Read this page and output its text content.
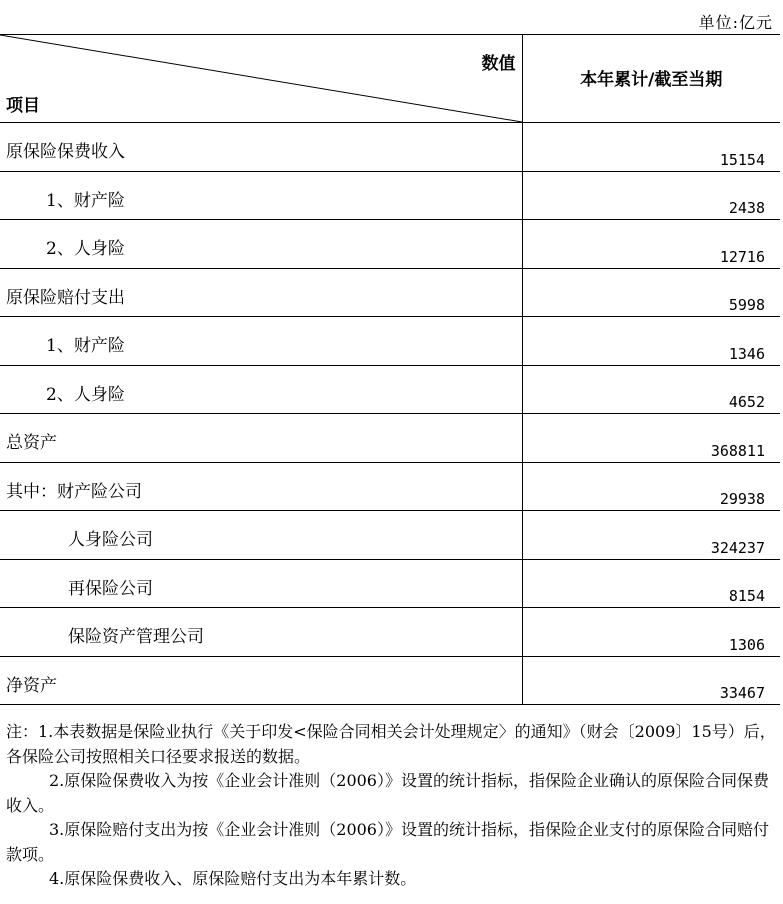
单位:亿元
数值
项目	本年累计/截至当期

原保险保费收入	15154

1、财产险	2438

2、人身险	12716

原保险赔付支出	5998

1、财产险	1346

2、人身险	4652

总资产	368811

其中：财产险公司	29938

人身险公司	324237

再保险公司	8154

保险资产管理公司	1306

净资产	33467

注：1.本表数据是保险业执行《关于印发<保险合同相关会计处理规定〉的通知》（财会〔2009〕15号）后，各保险公司按照相关口径要求报送的数据。

2.原保险保费收入为按《企业会计准则（2006）》设置的统计指标，指保险企业确认的原保险合同保费收入。

3.原保险赔付支出为按《企业会计准则（2006）》设置的统计指标，指保险企业支付的原保险合同赔付款项。

4.原保险保费收入、原保险赔付支出为本年累计数。
